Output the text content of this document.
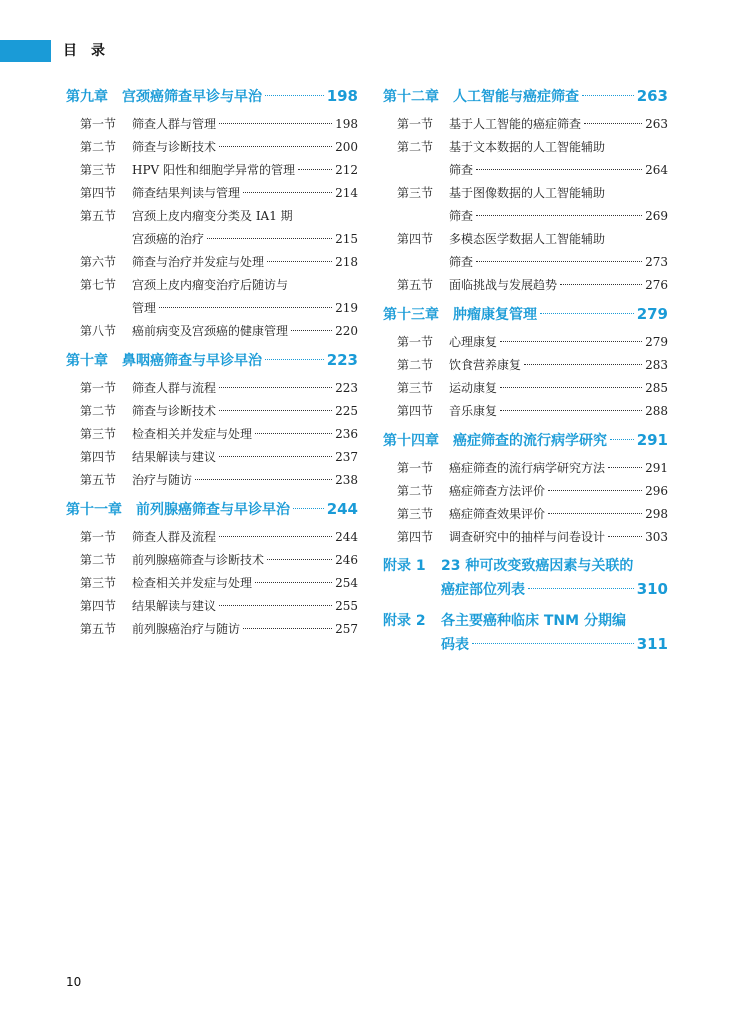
目录
第九章 宫颈癌筛查早诊与早治	198
第一节	筛查人群与管理	198
第二节	筛查与诊断技术	200
第三节	HPV 阳性和细胞学异常的管理	212
第四节	筛查结果判读与管理	214
第五节	宫颈上皮内瘤变分类及 IA1 期
宫颈癌的治疗	215
第六节	筛查与治疗并发症与处理	218
第七节	宫颈上皮内瘤变治疗后随访与
管理	219
第八节	癌前病变及宫颈癌的健康管理	220
第十章 鼻咽癌筛查与早诊早治	223
第一节	筛查人群与流程	223
第二节	筛查与诊断技术	225
第三节	检查相关并发症与处理	236
第四节	结果解读与建议	237
第五节	治疗与随访	238
第十一章 前列腺癌筛查与早诊早治 244
第一节	筛查人群及流程	244
第二节	前列腺癌筛查与诊断技术	246
第三节	检查相关并发症与处理	254
第四节	结果解读与建议	255
第五节	前列腺癌治疗与随访	257
第十二章 人工智能与癌症筛查	263
第一节	基于人工智能的癌症筛查	263
第二节	基于文本数据的人工智能辅助
筛查	264
第三节	基于图像数据的人工智能辅助
筛查	269
第四节	多模态医学数据人工智能辅助
筛查	273
第五节	面临挑战与发展趋势	276
第十三章 肿瘤康复管理	279
第一节	心理康复	279
第二节	饮食营养康复	283
第三节	运动康复	285
第四节	音乐康复	288
第十四章 癌症筛查的流行病学研究 291
第一节	癌症筛查的流行病学研究方法	291
第二节	癌症筛查方法评价	296
第三节	癌症筛查效果评价	298
第四节	调查研究中的抽样与问卷设计	303
附录 1	23 种可改变致癌因素与关联的
癌症部位列表	310
附录 2	各主要癌种临床 TNM 分期编
码表	311
10
